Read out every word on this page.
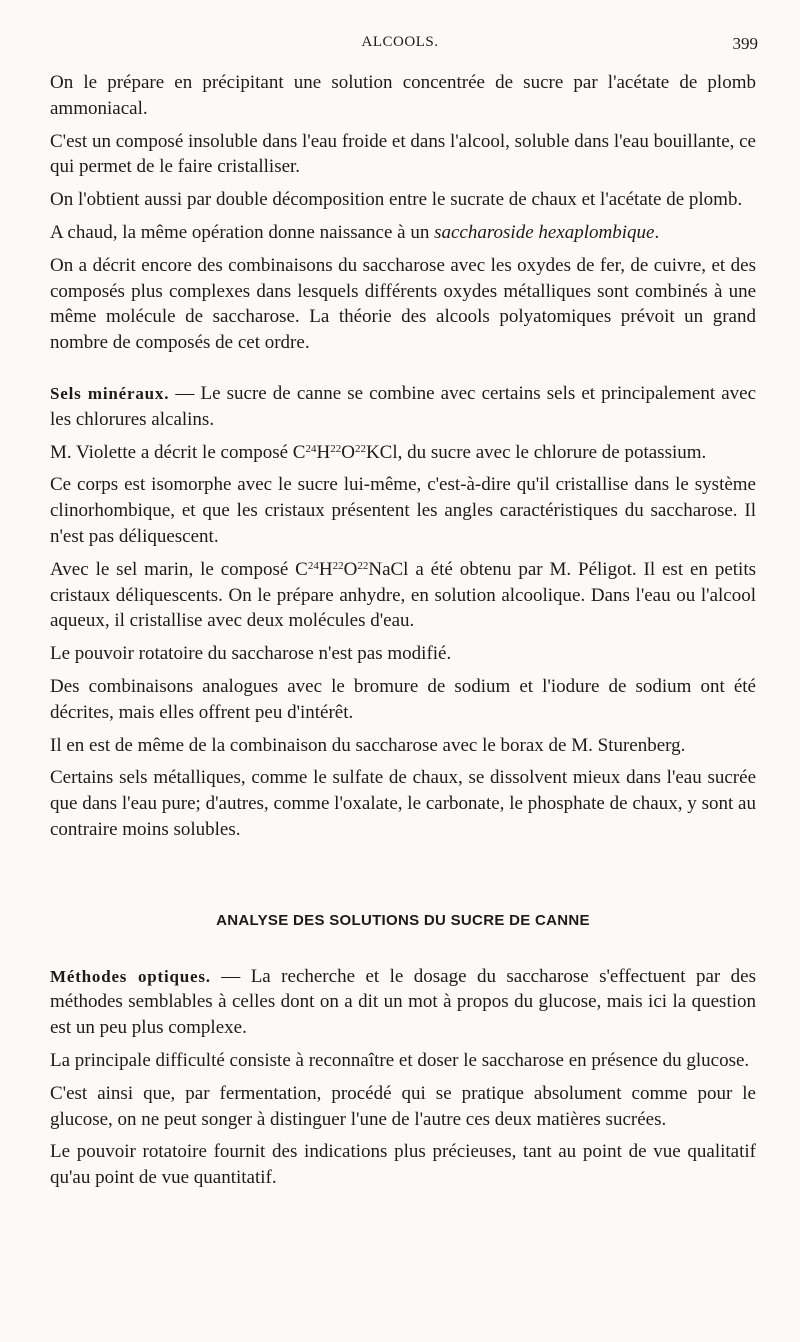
ALCOOLS.	399

On le prépare en précipitant une solution concentrée de sucre par l'acétate de plomb ammoniacal.

C'est un composé insoluble dans l'eau froide et dans l'alcool, soluble dans l'eau bouillante, ce qui permet de le faire cristalliser.

On l'obtient aussi par double décomposition entre le sucrate de chaux et l'acétate de plomb.

A chaud, la même opération donne naissance à un saccharoside hexaplombique.

On a décrit encore des combinaisons du saccharose avec les oxydes de fer, de cuivre, et des composés plus complexes dans lesquels différents oxydes métalliques sont combinés à une même molécule de saccharose. La théorie des alcools polyatomiques prévoit un grand nombre de composés de cet ordre.

Sels minéraux. — Le sucre de canne se combine avec certains sels et principalement avec les chlorures alcalins.

M. Violette a décrit le composé $C^{24}H^{22}O^{22}KCl$, du sucre avec le chlorure de potassium.

Ce corps est isomorphe avec le sucre lui-même, c'est-à-dire qu'il cristallise dans le système clinorhombique, et que les cristaux présentent les angles caractéristiques du saccharose. Il n'est pas déliquescent.

Avec le sel marin, le composé $C^{24}H^{22}O^{22}NaCl$ a été obtenu par M. Péligot. Il est en petits cristaux déliquescents. On le prépare anhydre, en solution alcoolique. Dans l'eau ou l'alcool aqueux, il cristallise avec deux molécules d'eau.

Le pouvoir rotatoire du saccharose n'est pas modifié.

Des combinaisons analogues avec le bromure de sodium et l'iodure de sodium ont été décrites, mais elles offrent peu d'intérêt.

Il en est de même de la combinaison du saccharose avec le borax de M. Sturenberg.

Certains sels métalliques, comme le sulfate de chaux, se dissolvent mieux dans l'eau sucrée que dans l'eau pure; d'autres, comme l'oxalate, le carbonate, le phosphate de chaux, y sont au contraire moins solubles.

ANALYSE DES SOLUTIONS DU SUCRE DE CANNE

Méthodes optiques. — La recherche et le dosage du saccharose s'effectuent par des méthodes semblables à celles dont on a dit un mot à propos du glucose, mais ici la question est un peu plus complexe.

La principale difficulté consiste à reconnaître et doser le saccharose en présence du glucose.

C'est ainsi que, par fermentation, procédé qui se pratique absolument comme pour le glucose, on ne peut songer à distinguer l'une de l'autre ces deux matières sucrées.

Le pouvoir rotatoire fournit des indications plus précieuses, tant au point de vue qualitatif qu'au point de vue quantitatif.
